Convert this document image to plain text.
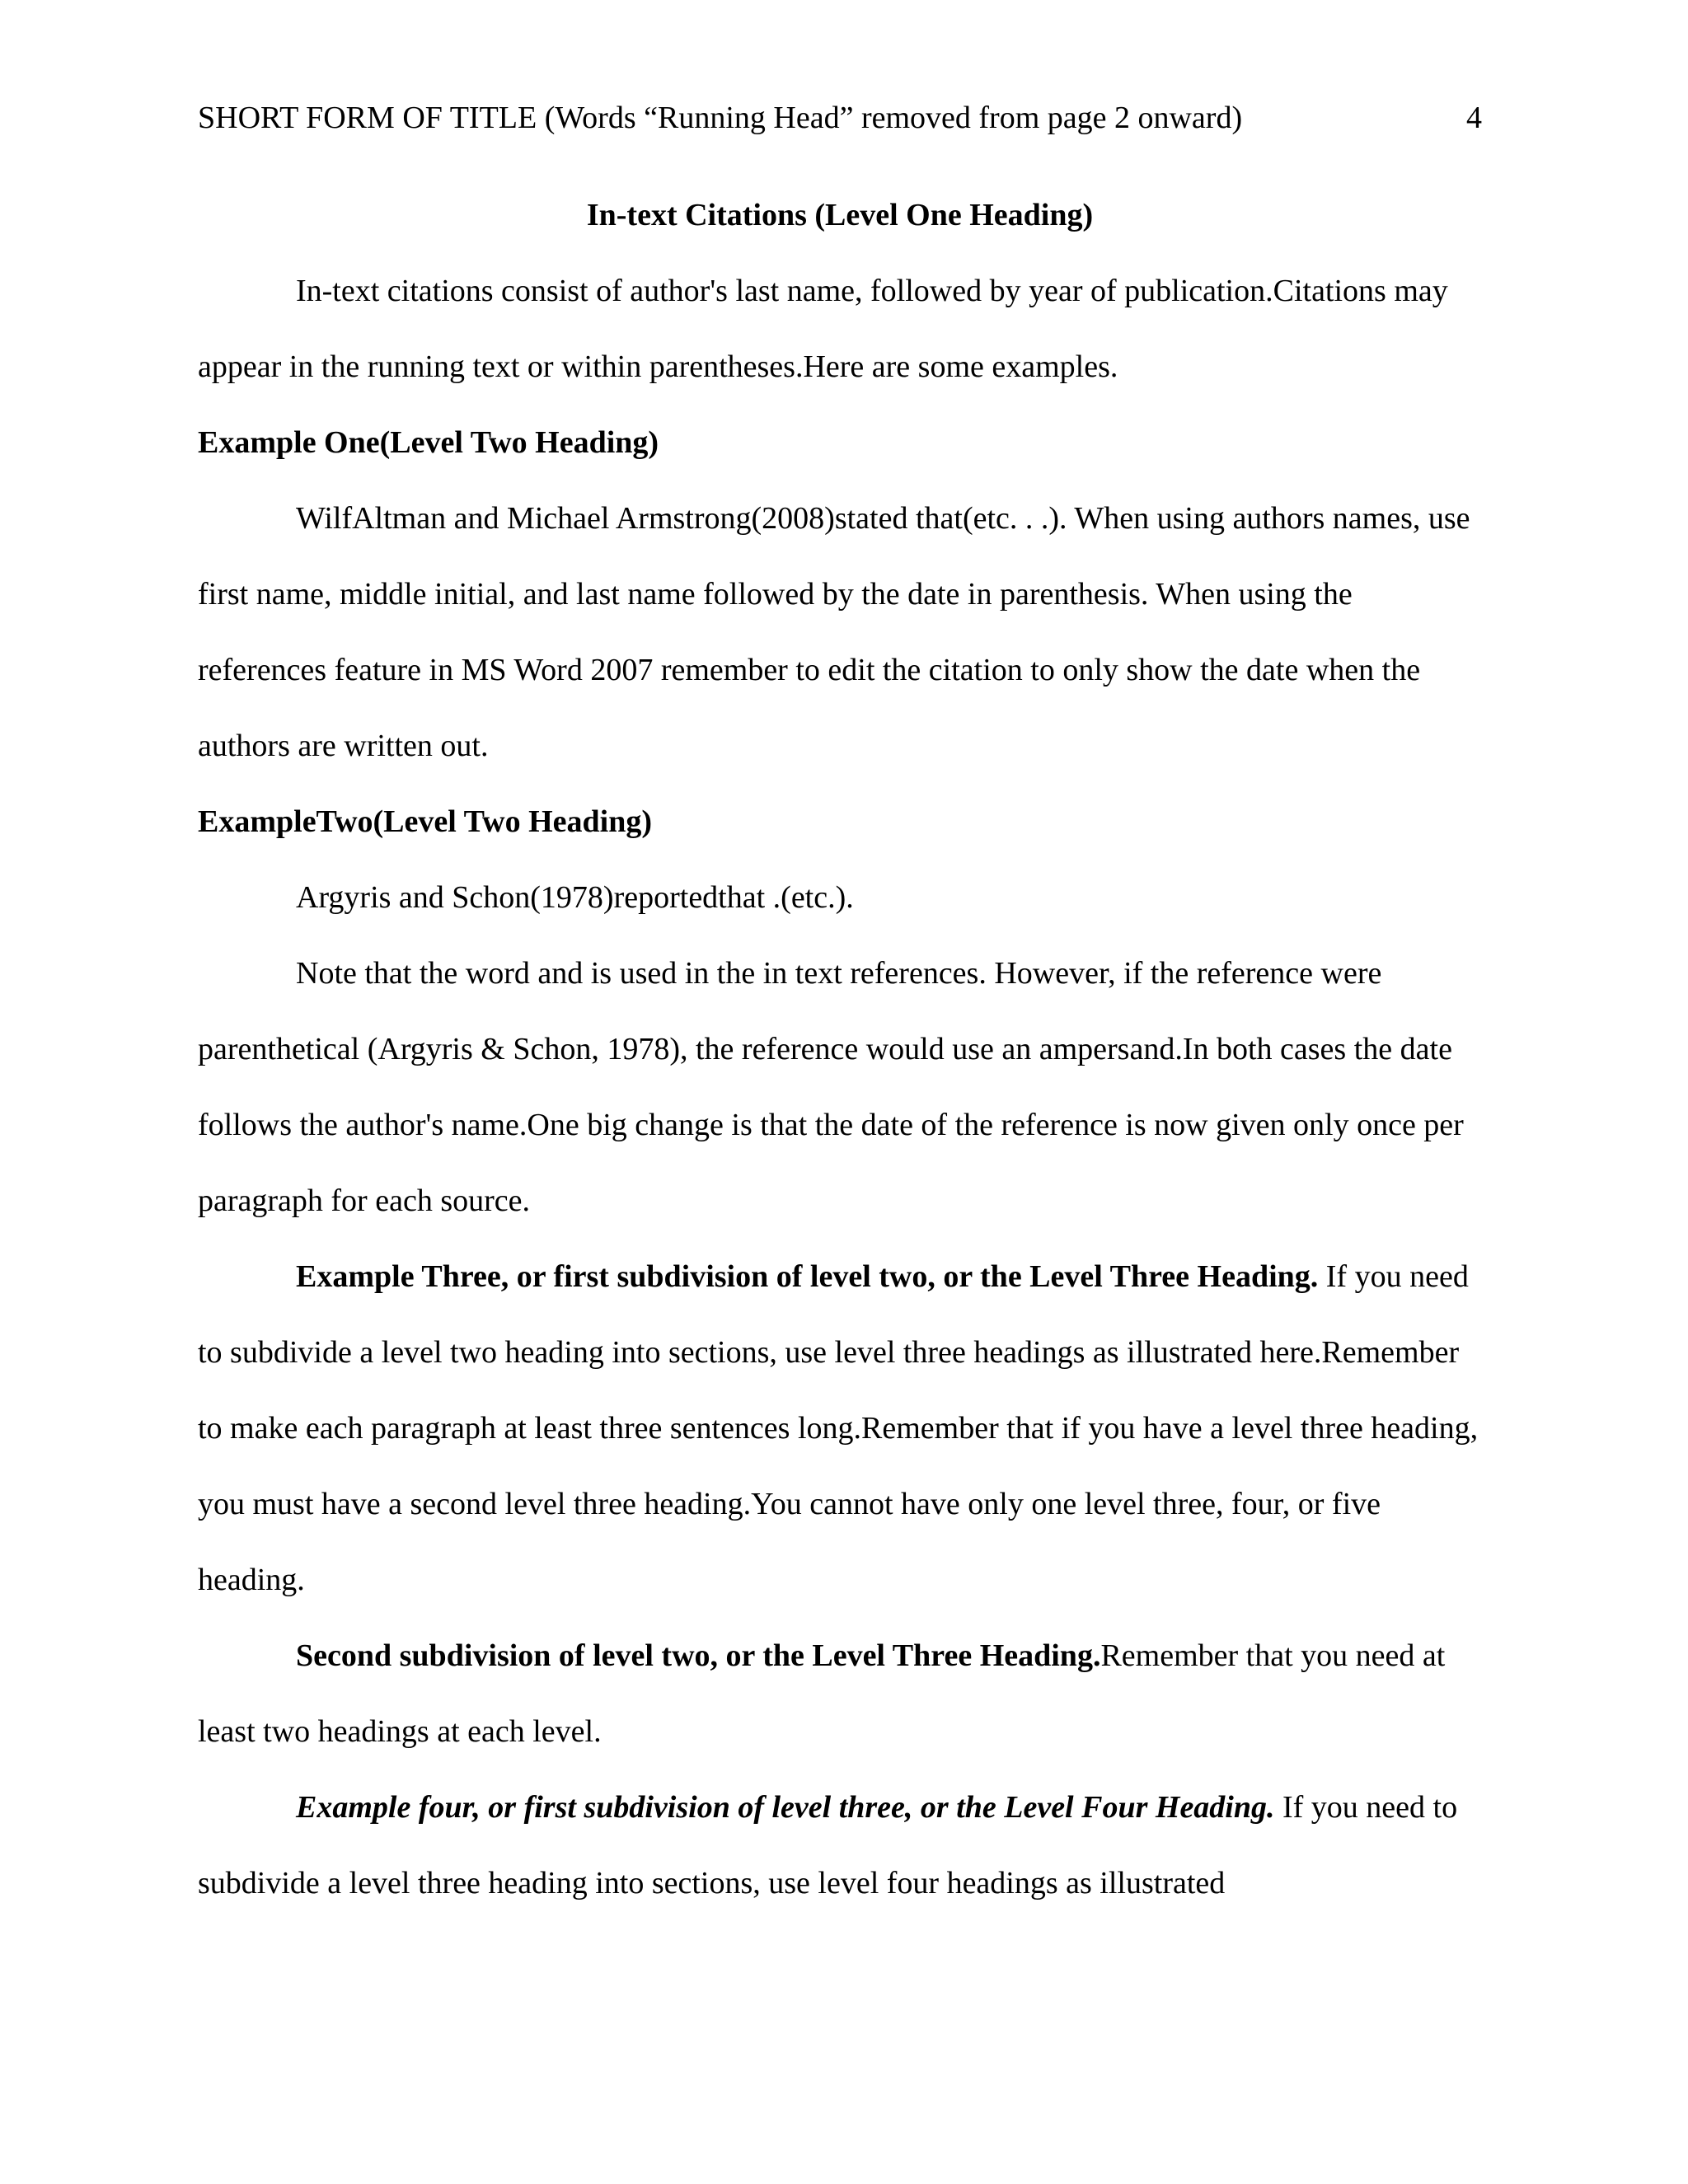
SHORT FORM OF TITLE (Words “Running Head” removed from page 2 onward)	4

In-text Citations (Level One Heading)

In-text citations consist of author's last name, followed by year of publication.Citations may appear in the running text or within parentheses.Here are some examples.

Example One(Level Two Heading)

WilfAltman and Michael Armstrong(2008)stated that(etc. . .). When using authors names, use first name, middle initial, and last name followed by the date in parenthesis. When using the references feature in MS Word 2007 remember to edit the citation to only show the date when the authors are written out.

ExampleTwo(Level Two Heading)

Argyris and Schon(1978)reportedthat .(etc.).

Note that the word and is used in the in text references. However, if the reference were parenthetical (Argyris & Schon, 1978), the reference would use an ampersand.In both cases the date follows the author's name.One big change is that the date of the reference is now given only once per paragraph for each source.

Example Three, or first subdivision of level two, or the Level Three Heading. If you need to subdivide a level two heading into sections, use level three headings as illustrated here.Remember to make each paragraph at least three sentences long.Remember that if you have a level three heading, you must have a second level three heading.You cannot have only one level three, four, or five heading.

Second subdivision of level two, or the Level Three Heading.Remember that you need at least two headings at each level.

Example four, or first subdivision of level three, or the Level Four Heading. If you need to subdivide a level three heading into sections, use level four headings as illustrated
